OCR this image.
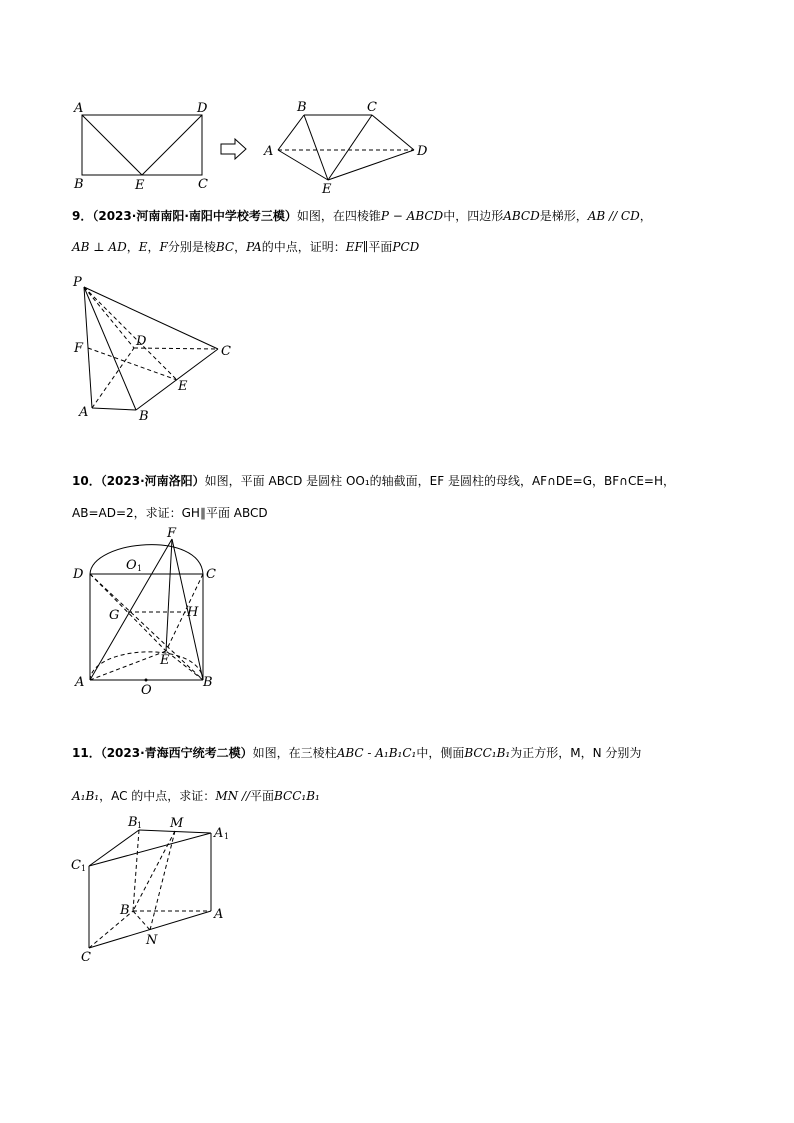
A	D
B	E	C
A
B	C
D
E
9．（2023·河南南阳·南阳中学校考三模）如图，在四棱锥P − ABCD中，四边形ABCD是梯形，AB // CD，
AB ⊥ AD，E，F分别是棱BC，PA的中点，证明：EF∥平面PCD
P
D
C
F
E
A	B
10．（2023·河南洛阳）如图，平面 ABCD 是圆柱 OO₁的轴截面，EF 是圆柱的母线，AF∩DE=G，BF∩CE=H，
AB=AD=2，求证：GH∥平面 ABCD
F
O 1
D	C
G	H
E
A	B
O
11．（2023·青海西宁统考二模）如图，在三棱柱ABC - A₁B₁C₁中，侧面BCC₁B₁为正方形，M，N 分别为
A₁B₁，AC 的中点，求证：MN //平面BCC₁B₁
B 1 M
A 1
C 1
B	A
N
C
